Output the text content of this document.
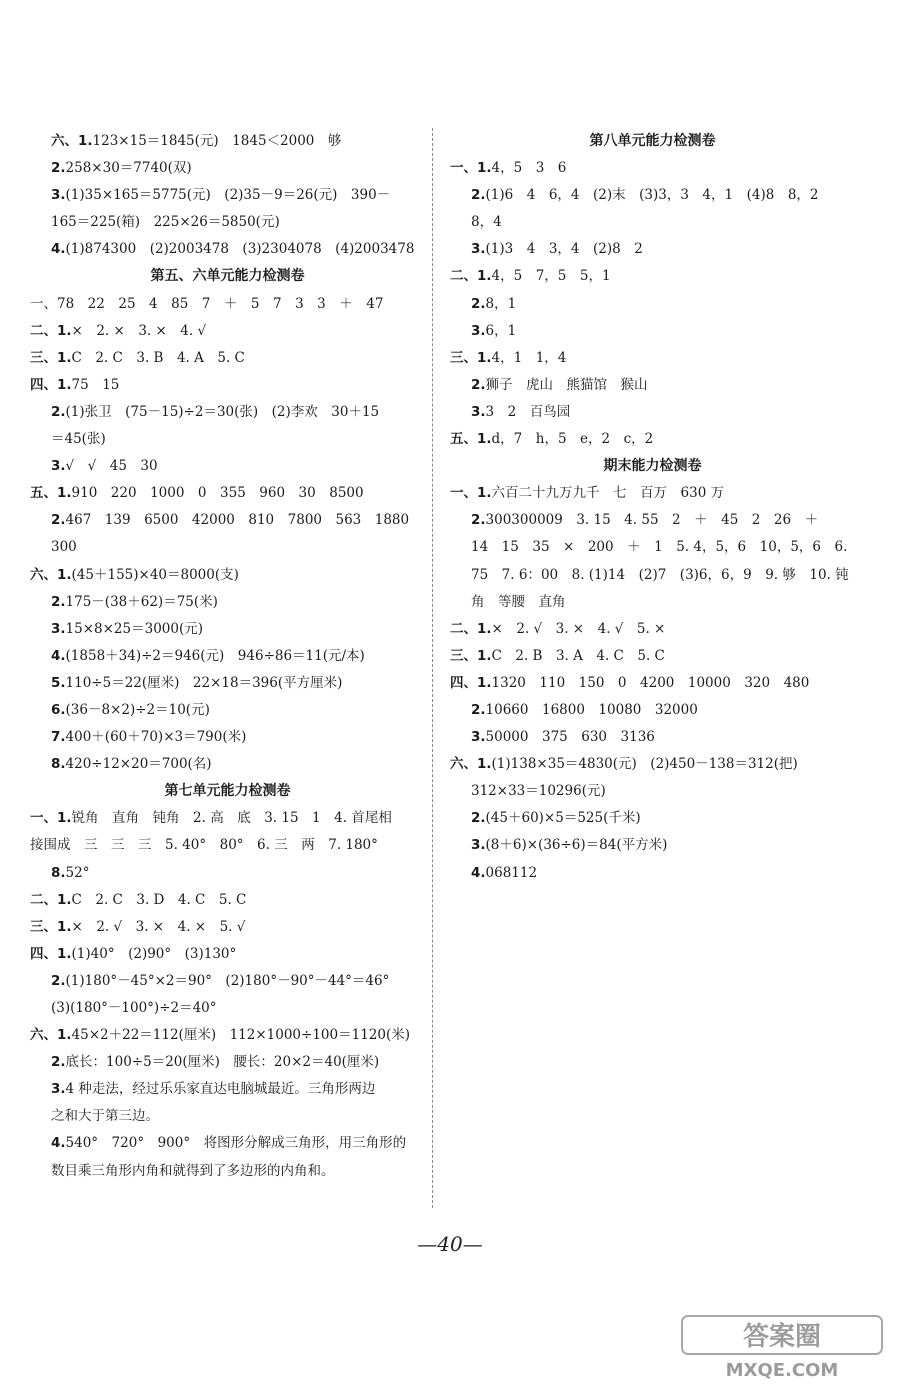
六、1.123×15＝1845(元)　1845＜2000　够
2.258×30＝7740(双)
3.(1)35×165＝5775(元)　(2)35－9＝26(元)　390－
165＝225(箱)　225×26＝5850(元)
4.(1)874300　(2)2003478　(3)2304078　(4)2003478
第五、六单元能力检测卷
一、78　22　25　4　85　7　＋　5　7　3　3　＋　47
二、1.×　2. ×　3. ×　4. √
三、1.C　2. C　3. B　4. A　5. C
四、1.75　15
2.(1)张卫　(75－15)÷2＝30(张)　(2)李欢　30＋15
＝45(张)
3.√　√　45　30
五、1.910　220　1000　0　355　960　30　8500
2.467　139　6500　42000　810　7800　563　1880
300
六、1.(45＋155)×40＝8000(支)
2.175－(38＋62)＝75(米)
3.15×8×25＝3000(元)
4.(1858＋34)÷2＝946(元)　946÷86＝11(元/本)
5.110÷5＝22(厘米)　22×18＝396(平方厘米)
6.(36－8×2)÷2＝10(元)
7.400＋(60＋70)×3＝790(米)
8.420÷12×20＝700(名)
第七单元能力检测卷
一、1.锐角　直角　钝角　2. 高　底　3. 15　1　4. 首尾相
接围成　三　三　三　5. 40°　80°　6. 三　两　7. 180°
8.52°
二、1.C　2. C　3. D　4. C　5. C
三、1.×　2. √　3. ×　4. ×　5. √
四、1.(1)40°　(2)90°　(3)130°
2.(1)180°－45°×2＝90°　(2)180°－90°－44°＝46°
(3)(180°－100°)÷2＝40°
六、1.45×2＋22＝112(厘米)　112×1000÷100＝1120(米)
2.底长：100÷5＝20(厘米)　腰长：20×2＝40(厘米)
3.4 种走法，经过乐乐家直达电脑城最近。三角形两边
之和大于第三边。
4.540°　720°　900°　将图形分解成三角形，用三角形的
数目乘三角形内角和就得到了多边形的内角和。
第八单元能力检测卷
一、1.4，5　3　6
2.(1)6　4　6，4　(2)末　(3)3，3　4，1　(4)8　8，2
8，4
3.(1)3　4　3，4　(2)8　2
二、1.4，5　7，5　5，1
2.8，1
3.6，1
三、1.4，1　1，4
2.狮子　虎山　熊猫馆　猴山
3.3　2　百鸟园
五、1.d，7　h，5　e，2　c，2
期末能力检测卷
一、1.六百二十九万九千　七　百万　630 万
2.300300009　3. 15　4. 55　2　＋　45　2　26　＋
14　15　35　×　200　＋　1　5. 4，5，6　10，5，6　6.
75　7. 6：00　8. (1)14　(2)7　(3)6，6，9　9. 够　10. 钝
角　等腰　直角
二、1.×　2. √　3. ×　4. √　5. ×
三、1.C　2. B　3. A　4. C　5. C
四、1.1320　110　150　0　4200　10000　320　480
2.10660　16800　10080　32000
3.50000　375　630　3136
六、1.(1)138×35＝4830(元)　(2)450－138＝312(把)
312×33＝10296(元)
2.(45＋60)×5＝525(千米)
3.(8＋6)×(36÷6)＝84(平方米)
4.068112
—40—
答案圈
MXQE.COM
